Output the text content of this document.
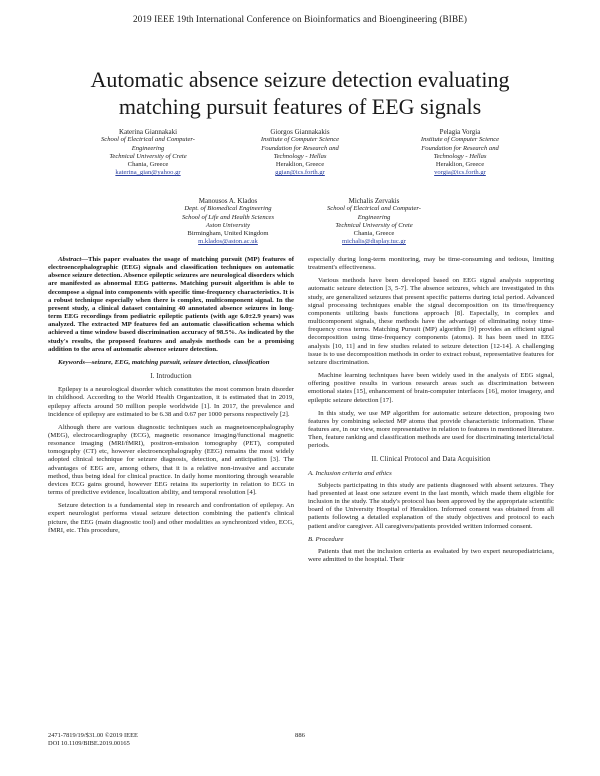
2019 IEEE 19th International Conference on Bioinformatics and Bioengineering (BIBE)
Automatic absence seizure detection evaluating
matching pursuit features of EEG signals
Katerina Giannakaki
School of Electrical and Computer-
Engineering
Technical University of Crete
Chania, Greece
katerina_gian@yahoo.gr
Giorgos Giannakakis
Institute of Computer Science
Foundation for Research and
Technology - Hellas
Heraklion, Greece
ggian@ics.forth.gr
Pelagia Vorgia
Institute of Computer Science
Foundation for Research and
Technology - Hellas
Heraklion, Greece
vorgia@ics.forth.gr
Manousos A. Klados
Dept. of Biomedical Engineering
School of Life and Health Sciences
Aston University
Birmingham, United Kingdom
m.klados@aston.ac.uk
Michalis Zervakis
School of Electrical and Computer-
Engineering
Technical University of Crete
Chania, Greece
michalis@display.tuc.gr

Abstract—This paper evaluates the usage of matching pursuit (MP) features of electroencephalographic (EEG) signals and classification techniques on automatic absence seizure detection. Absence epileptic seizures are neurological disorders which are manifested as abnormal EEG patterns. Matching pursuit algorithm is able to decompose a signal into components with specific time-frequency characteristics. It is a robust technique especially when there is complex, multicomponent signal. In the present study, a clinical dataset containing 40 annotated absence seizures in long-term EEG recordings from pediatric epileptic patients (with age 6.0±2.9 years) was analyzed. The extracted MP features fed an automatic classification schema which achieved a time window based discrimination accuracy of 98.5%. As indicated by the study's results, the proposed features and analysis methods can be a promising addition to the area of automatic absence seizure detection.

Keywords—seizure, EEG, matching pursuit, seizure detection, classification

I. Introduction

Epilepsy is a neurological disorder which constitutes the most common brain disorder in childhood. According to the World Health Organization, it is estimated that in 2019, epilepsy affects around 50 million people worldwide [1]. In 2017, the prevalence and incidence of epilepsy are estimated to be 6.38 and 0.67 per 1000 persons respectively [2].

Although there are various diagnostic techniques such as magnetoencephalography (MEG), electrocardiography (ECG), magnetic resonance imaging/functional magnetic resonance imaging (MRI/fMRI), positron-emission tomography (PET), computed tomography (CT) etc, however electroencephalography (EEG) remains the most widely adopted clinical technique for seizure diagnosis, detection, and anticipation [3]. The advantages of EEG are, among others, that it is a relative non-invasive and accurate method, thus being ideal for clinical practice. In daily home monitoring through wearable devices ECG gains ground, however EEG retains its superiority in relation to ECG in terms of predictive evidence, localization ability, and temporal resolution [4].

Seizure detection is a fundamental step in research and confrontation of epilepsy. An expert neurologist performs visual seizure detection combining the patient's clinical picture, the EEG (main diagnostic tool) and other modalities as synchronized video, ECG, fMRI, etc. This procedure,

especially during long-term monitoring, may be time-consuming and tedious, limiting treatment's effectiveness.

Various methods have been developed based on EEG signal analysis supporting automatic seizure detection [3, 5-7]. The absence seizures, which are investigated in this study, are generalized seizures that present specific patterns during ictal period. Advanced signal processing techniques enable the signal decomposition on its time/frequency components utilizing basis functions approach [8]. Especially, in complex and multicomponent signals, these methods have the advantage of eliminating noisy time-frequency cross terms. Matching Pursuit (MP) algorithm [9] provides an efficient signal decomposition using time-frequency components (atoms). It has been used in EEG analysis [10, 11] and in few studies related to seizure detection [12-14]. A challenging issue is to use decomposition methods in order to extract robust, representative features for seizure discrimination.

Machine learning techniques have been widely used in the analysis of EEG signal, offering positive results in various research areas such as discrimination between emotional states [15], enhancement of brain-computer interfaces [16], motor imagery, and epileptic seizure detection [17].

In this study, we use MP algorithm for automatic seizure detection, proposing two features by combining selected MP atoms that provide characteristic information. These features are, in our view, more representative in relation to features in mentioned literature. Then, feature ranking and classification methods are used for discriminating interictal/ictal periods.

II. Clinical Protocol and Data Acquisition
A. Inclusion criteria and ethics

Subjects participating in this study are patients diagnosed with absent seizures. They had presented at least one seizure event in the last month, which made them eligible for inclusion in the study. The study's protocol has been approved by the appropriate scientific board of the University Hospital of Heraklion. Informed consent was obtained from all patients following a detailed explanation of the study objectives and protocol to each patient and/or caregiver. All caregivers/patients provided written informed consent.

B. Procedure

Patients that met the inclusion criteria as evaluated by two expert neuropediatricians, were admitted to the hospital. Their

2471-7819/19/$31.00 ©2019 IEEE
DOI 10.1109/BIBE.2019.00165
886
